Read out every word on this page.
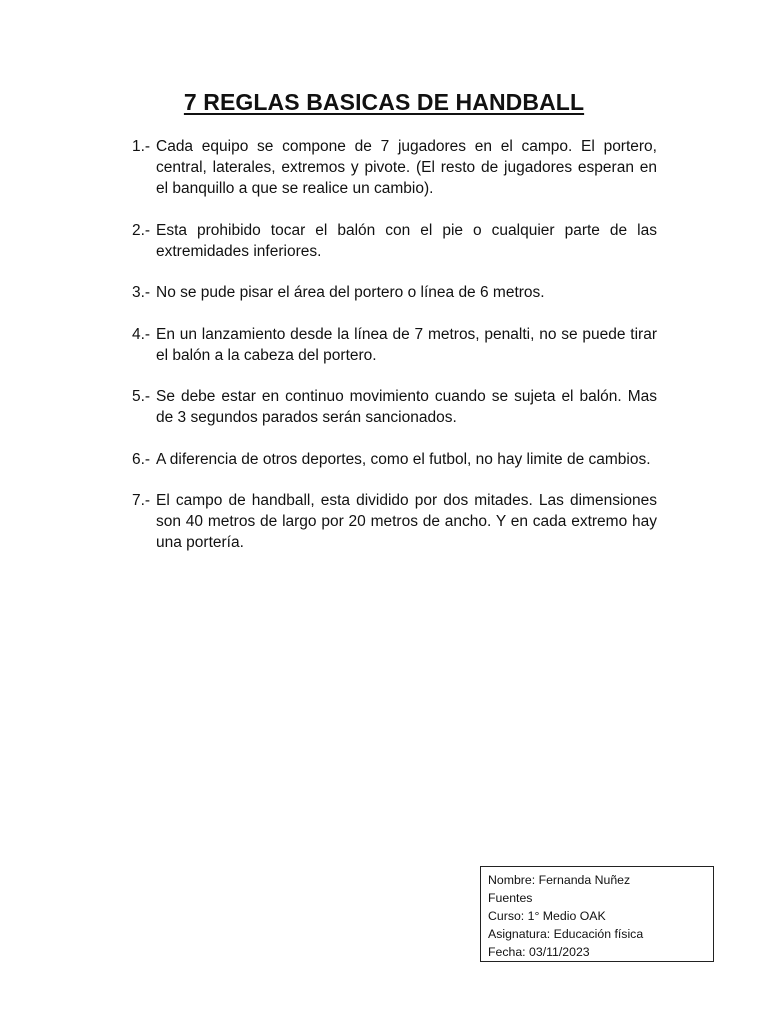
7 REGLAS BASICAS DE HANDBALL
1.- Cada equipo se compone de 7 jugadores en el campo. El portero, central, laterales, extremos y pivote. (El resto de jugadores esperan en el banquillo a que se realice un cambio).
2.- Esta prohibido tocar el balón con el pie o cualquier parte de las extremidades inferiores.
3.- No se pude pisar el área del portero o línea de 6 metros.
4.- En un lanzamiento desde la línea de 7 metros, penalti, no se puede tirar el balón a la cabeza del portero.
5.- Se debe estar en continuo movimiento cuando se sujeta el balón. Mas de 3 segundos parados serán sancionados.
6.- A diferencia de otros deportes, como el futbol, no hay limite de cambios.
7.- El campo de handball, esta dividido por dos mitades. Las dimensiones son 40 metros de largo por 20 metros de ancho. Y en cada extremo hay una portería.
Nombre: Fernanda Nuñez
Fuentes
Curso: 1° Medio OAK
Asignatura: Educación física
Fecha: 03/11/2023
